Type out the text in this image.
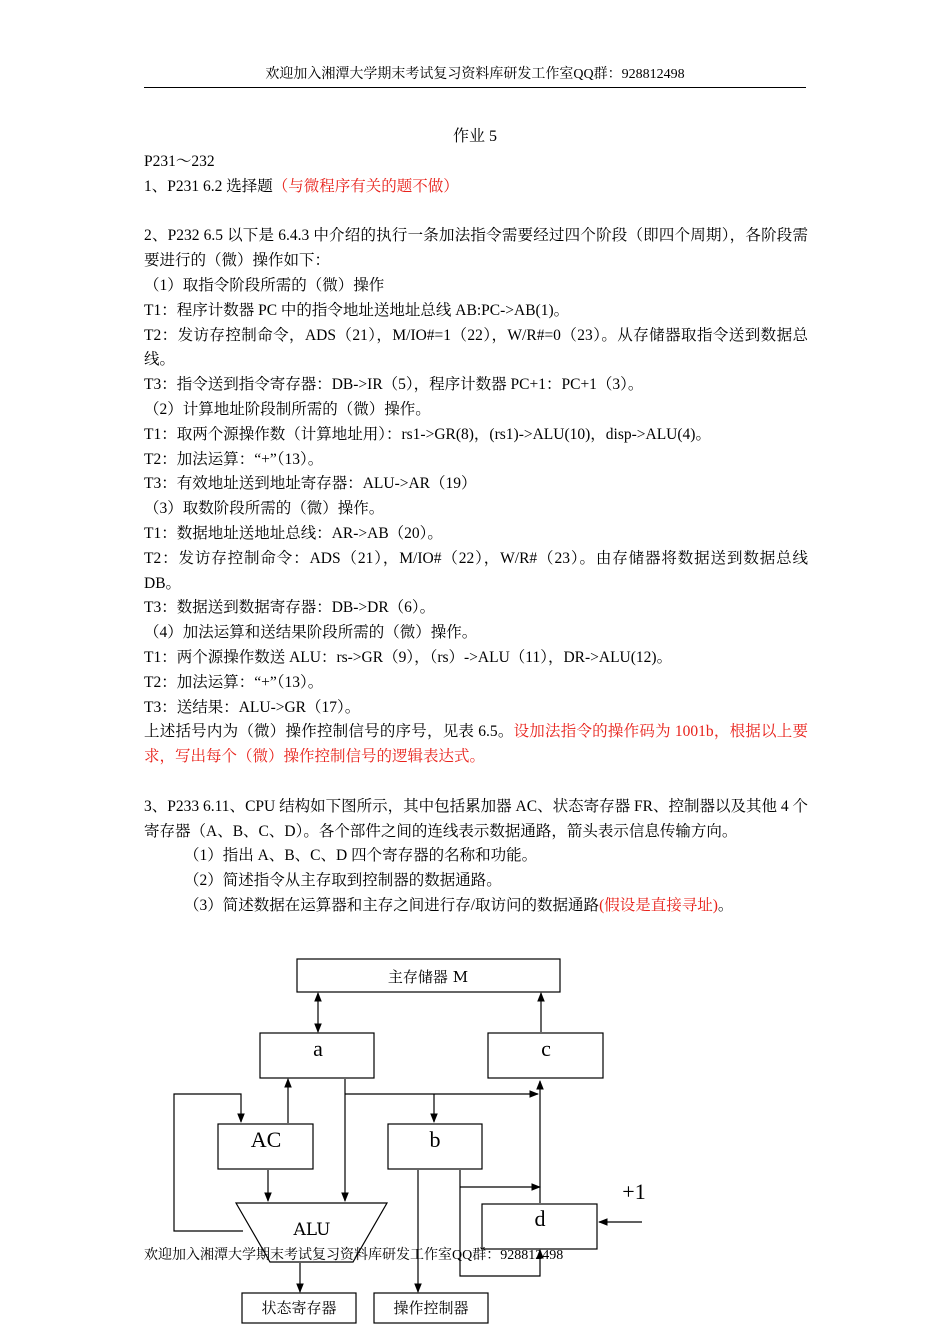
欢迎加入湘潭大学期末考试复习资料库研发工作室QQ群：928812498
作业 5

P231～232

1、P231 6.2 选择题（与微程序有关的题不做）

2、P232 6.5 以下是 6.4.3 中介绍的执行一条加法指令需要经过四个阶段（即四个周期），各阶段需要进行的（微）操作如下：

（1）取指令阶段所需的（微）操作

T1：程序计数器 PC 中的指令地址送地址总线 AB:PC->AB(1)。

T2：发访存控制命令，ADS（21），M/IO#=1（22），W/R#=0（23）。从存储器取指令送到数据总线。

T3：指令送到指令寄存器：DB->IR（5），程序计数器 PC+1：PC+1（3）。

（2）计算地址阶段制所需的（微）操作。

T1：取两个源操作数（计算地址用）：rs1->GR(8)，(rs1)->ALU(10)，disp->ALU(4)。

T2：加法运算：“+”（13）。

T3：有效地址送到地址寄存器：ALU->AR（19）

（3）取数阶段所需的（微）操作。

T1：数据地址送地址总线：AR->AB（20）。

T2：发访存控制命令：ADS（21），M/IO#（22），W/R#（23）。由存储器将数据送到数据总线 DB。

T3：数据送到数据寄存器：DB->DR（6）。

（4）加法运算和送结果阶段所需的（微）操作。

T1：两个源操作数送 ALU：rs->GR（9），（rs）->ALU（11），DR->ALU(12)。

T2：加法运算：“+”（13）。

T3：送结果：ALU->GR（17）。

上述括号内为（微）操作控制信号的序号，见表 6.5。设加法指令的操作码为 1001b，根据以上要求，写出每个（微）操作控制信号的逻辑表达式。

3、P233 6.11、CPU 结构如下图所示，其中包括累加器 AC、状态寄存器 FR、控制器以及其他 4 个寄存器（A、B、C、D）。各个部件之间的连线表示数据通路，箭头表示信息传输方向。

（1）指出 A、B、C、D 四个寄存器的名称和功能。

（2）简述指令从主存取到控制器的数据通路。

（3）简述数据在运算器和主存之间进行存/取访问的数据通路(假设是直接寻址)。

主存储器 M
a	c
AC	b
ALU	d
+1
状态寄存器	操作控制器
欢迎加入湘潭大学期末考试复习资料库研发工作室QQ群：928812498
